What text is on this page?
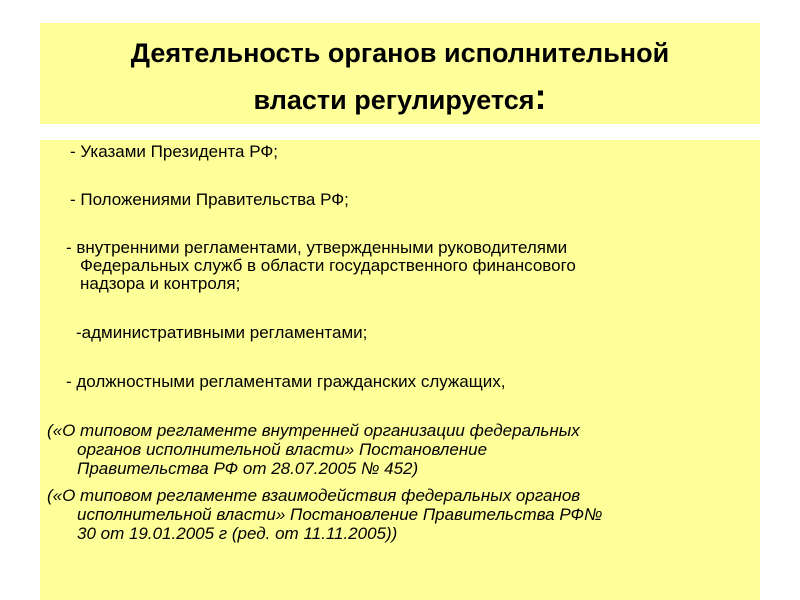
Деятельность органов исполнительной
власти регулируется:
- Указами Президента РФ;
- Положениями Правительства РФ;
- внутренними регламентами, утвержденными руководителями
Федеральных служб в области государственного финансового
надзора и контроля;
-административными регламентами;
- должностными регламентами гражданских служащих,
(«О типовом регламенте внутренней организации федеральных
органов исполнительной власти» Постановление
Правительства РФ от 28.07.2005 № 452)
(«О типовом регламенте взаимодействия федеральных органов
исполнительной власти» Постановление Правительства РФ№
30 от 19.01.2005 г (ред. от 11.11.2005))
